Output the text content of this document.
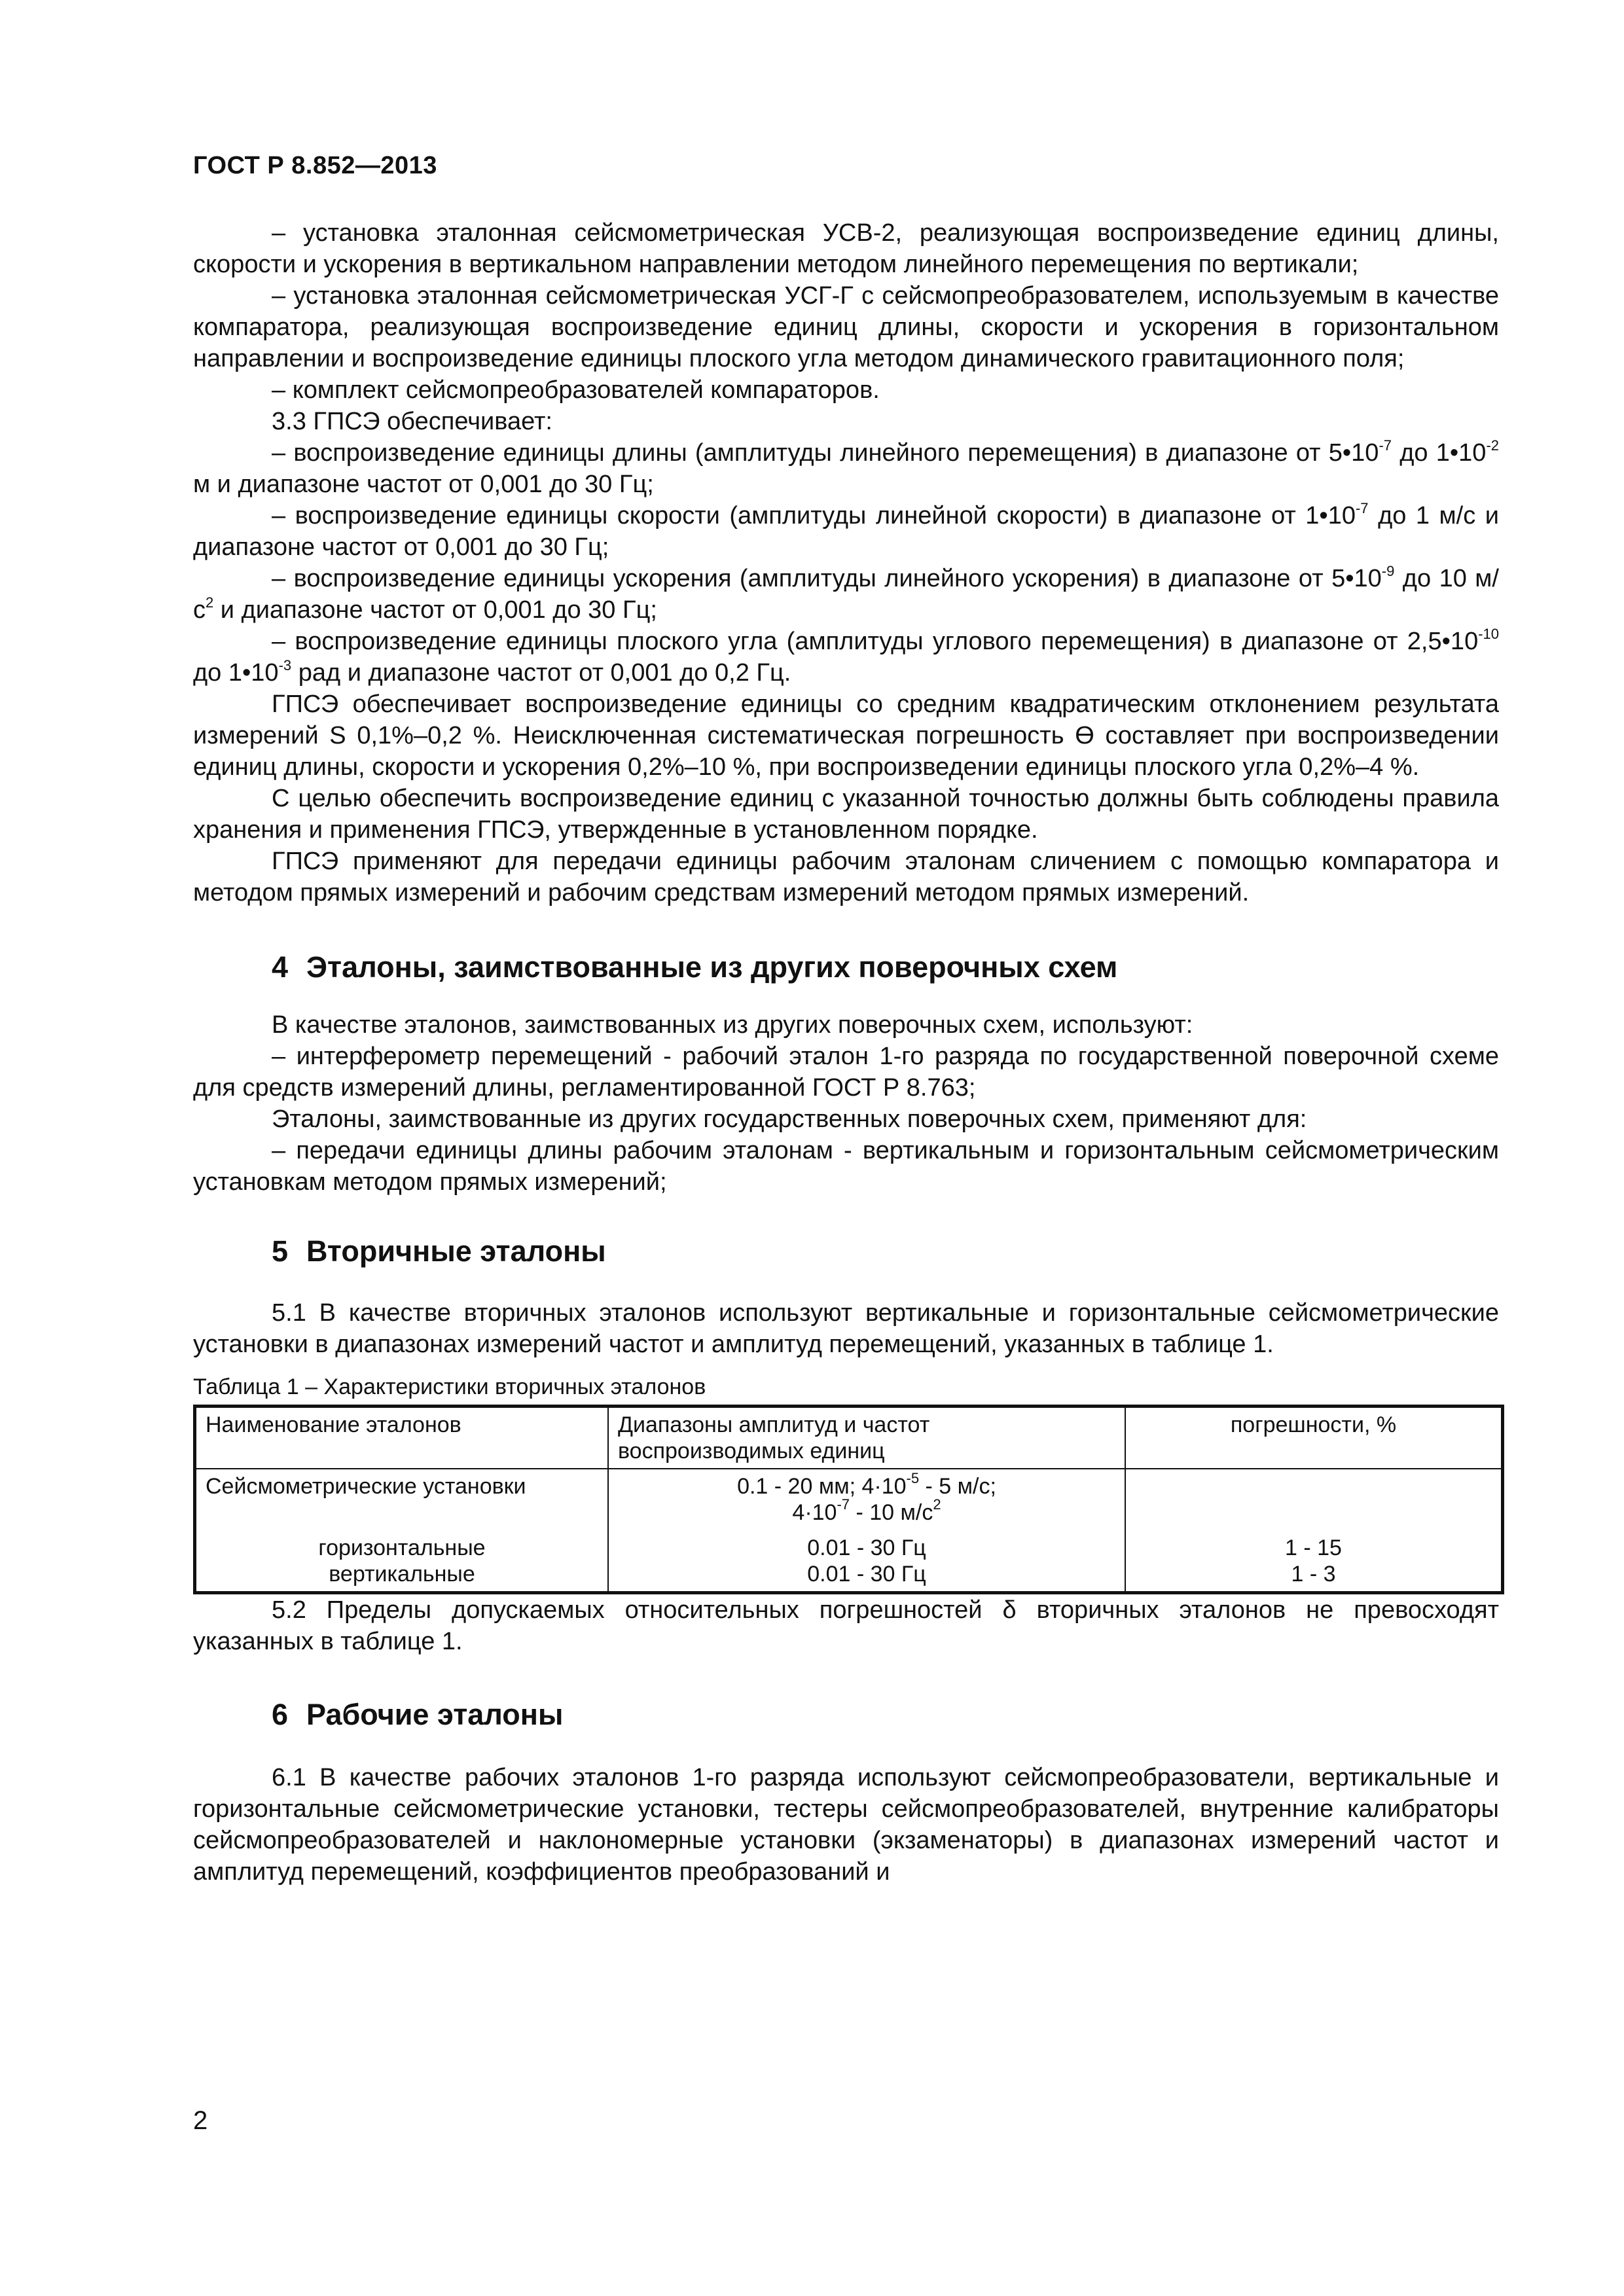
ГОСТ Р 8.852—2013

– установка эталонная сейсмометрическая УСВ-2, реализующая воспроизведение единиц длины, скорости и ускорения в вертикальном направлении методом линейного перемещения по вертикали;

– установка эталонная сейсмометрическая УСГ-Г с сейсмопреобразователем, используемым в качестве компаратора, реализующая воспроизведение единиц длины, скорости и ускорения в горизонтальном направлении и воспроизведение единицы плоского угла методом динамического гравитационного поля;

– комплект сейсмопреобразователей компараторов.

3.3 ГПСЭ обеспечивает:

– воспроизведение единицы длины (амплитуды линейного перемещения) в диапазоне от $5•10^{-7}$ до $1•10^{-2}$ м и диапазоне частот от 0,001 до 30 Гц;

– воспроизведение единицы скорости (амплитуды линейной скорости) в диапазоне от $1•10^{-7}$ до 1 м/с и диапазоне частот от 0,001 до 30 Гц;

– воспроизведение единицы ускорения (амплитуды линейного ускорения) в диапазоне от $5•10^{-9}$ до 10 $м/с^2$ и диапазоне частот от 0,001 до 30 Гц;

– воспроизведение единицы плоского угла (амплитуды углового перемещения) в диапазоне от $2,5•10^{-10}$ до $1•10^{-3}$ рад и диапазоне частот от 0,001 до 0,2 Гц.

ГПСЭ обеспечивает воспроизведение единицы со средним квадратическим отклонением результата измерений S 0,1%–0,2 %. Неисключенная систематическая погрешность Ө составляет при воспроизведении единиц длины, скорости и ускорения 0,2%–10 %, при воспроизведении единицы плоского угла 0,2%–4 %.

С целью обеспечить воспроизведение единиц с указанной точностью должны быть соблюдены правила хранения и применения ГПСЭ, утвержденные в установленном порядке.

ГПСЭ применяют для передачи единицы рабочим эталонам сличением с помощью компаратора и методом прямых измерений и рабочим средствам измерений методом прямых измерений.

4 Эталоны, заимствованные из других поверочных схем

В качестве эталонов, заимствованных из других поверочных схем, используют:

– интерферометр перемещений - рабочий эталон 1-го разряда по государственной поверочной схеме для средств измерений длины, регламентированной ГОСТ Р 8.763;

Эталоны, заимствованные из других государственных поверочных схем, применяют для:

– передачи единицы длины рабочим эталонам - вертикальным и горизонтальным сейсмометрическим установкам методом прямых измерений;

5 Вторичные эталоны

5.1 В качестве вторичных эталонов используют вертикальные и горизонтальные сейсмометрические установки в диапазонах измерений частот и амплитуд перемещений, указанных в таблице 1.

Таблица 1 – Характеристики вторичных эталонов
Наименование эталонов	Диапазоны амплитуд и частот воспроизводимых единиц	погрешности, %
Сейсмометрические установки	0.1 - 20 мм; $4\cdot 10^{-5} - 5$ м/с;
$4\cdot 10^{-7} - 10$ $м/с^2$	
горизонтальные	0.01 - 30 Гц	1 - 15
вертикальные	0.01 - 30 Гц	1 - 3

5.2 Пределы допускаемых относительных погрешностей δ вторичных эталонов не превосходят указанных в таблице 1.

6 Рабочие эталоны

6.1 В качестве рабочих эталонов 1-го разряда используют сейсмопреобразователи, вертикальные и горизонтальные сейсмометрические установки, тестеры сейсмопреобразователей, внутренние калибраторы сейсмопреобразователей и наклономерные установки (экзаменаторы) в диапазонах измерений частот и амплитуд перемещений, коэффициентов преобразований и

2
